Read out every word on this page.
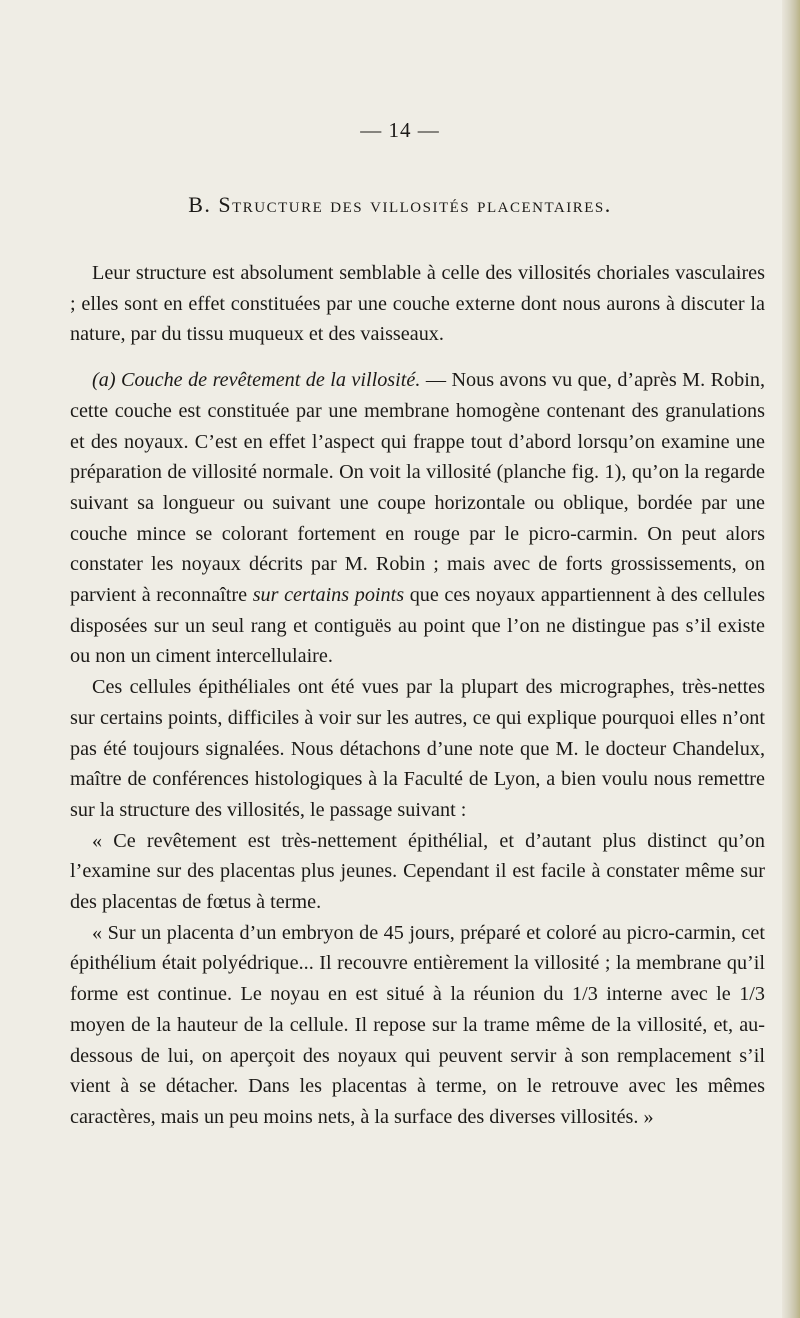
— 14 —
B. Structure des villosités placentaires.

Leur structure est absolument semblable à celle des villosités choriales vasculaires ; elles sont en effet constituées par une couche externe dont nous aurons à discuter la nature, par du tissu muqueux et des vaisseaux.

(a) Couche de revêtement de la villosité. — Nous avons vu que, d’après M. Robin, cette couche est constituée par une membrane homogène contenant des granulations et des noyaux. C’est en effet l’aspect qui frappe tout d’abord lorsqu’on examine une préparation de villosité normale. On voit la villosité (planche fig. 1), qu’on la regarde suivant sa longueur ou suivant une coupe horizontale ou oblique, bordée par une couche mince se colorant fortement en rouge par le picro-carmin. On peut alors constater les noyaux décrits par M. Robin ; mais avec de forts grossissements, on parvient à reconnaître sur certains points que ces noyaux appartiennent à des cellules disposées sur un seul rang et contiguës au point que l’on ne distingue pas s’il existe ou non un ciment intercellulaire.

Ces cellules épithéliales ont été vues par la plupart des micrographes, très-nettes sur certains points, difficiles à voir sur les autres, ce qui explique pourquoi elles n’ont pas été toujours signalées. Nous détachons d’une note que M. le docteur Chandelux, maître de conférences histologiques à la Faculté de Lyon, a bien voulu nous remettre sur la structure des villosités, le passage suivant :

« Ce revêtement est très-nettement épithélial, et d’autant plus distinct qu’on l’examine sur des placentas plus jeunes. Cependant il est facile à constater même sur des placentas de fœtus à terme.

« Sur un placenta d’un embryon de 45 jours, préparé et coloré au picro-carmin, cet épithélium était polyédrique... Il recouvre entièrement la villosité ; la membrane qu’il forme est continue. Le noyau en est situé à la réunion du 1/3 interne avec le 1/3 moyen de la hauteur de la cellule. Il repose sur la trame même de la villosité, et, au-dessous de lui, on aperçoit des noyaux qui peuvent servir à son remplacement s’il vient à se détacher. Dans les placentas à terme, on le retrouve avec les mêmes caractères, mais un peu moins nets, à la surface des diverses villosités. »
